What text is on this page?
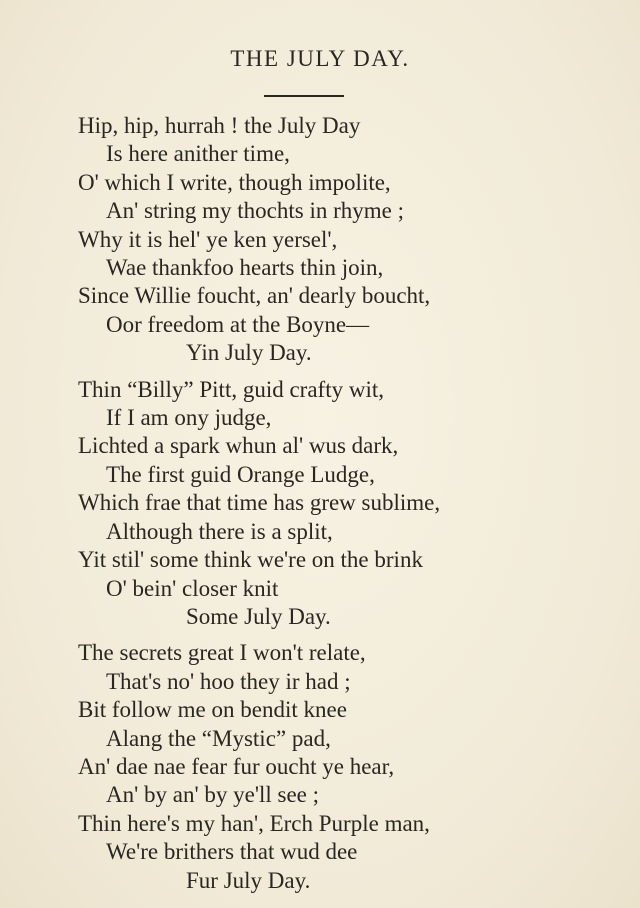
THE JULY DAY.
Hip, hip, hurrah ! the July Day
Is here anither time,
O' which I write, though impolite,
An' string my thochts in rhyme ;
Why it is hel' ye ken yersel',
Wae thankfoo hearts thin join,
Since Willie foucht, an' dearly boucht,
Oor freedom at the Boyne—
Yin July Day.
Thin “Billy” Pitt, guid crafty wit,
If I am ony judge,
Lichted a spark whun al' wus dark,
The first guid Orange Ludge,
Which frae that time has grew sublime,
Although there is a split,
Yit stil' some think we're on the brink
O' bein' closer knit
Some July Day.
The secrets great I won't relate,
That's no' hoo they ir had ;
Bit follow me on bendit knee
Alang the “Mystic” pad,
An' dae nae fear fur oucht ye hear,
An' by an' by ye'll see ;
Thin here's my han', Erch Purple man,
We're brithers that wud dee
Fur July Day.
